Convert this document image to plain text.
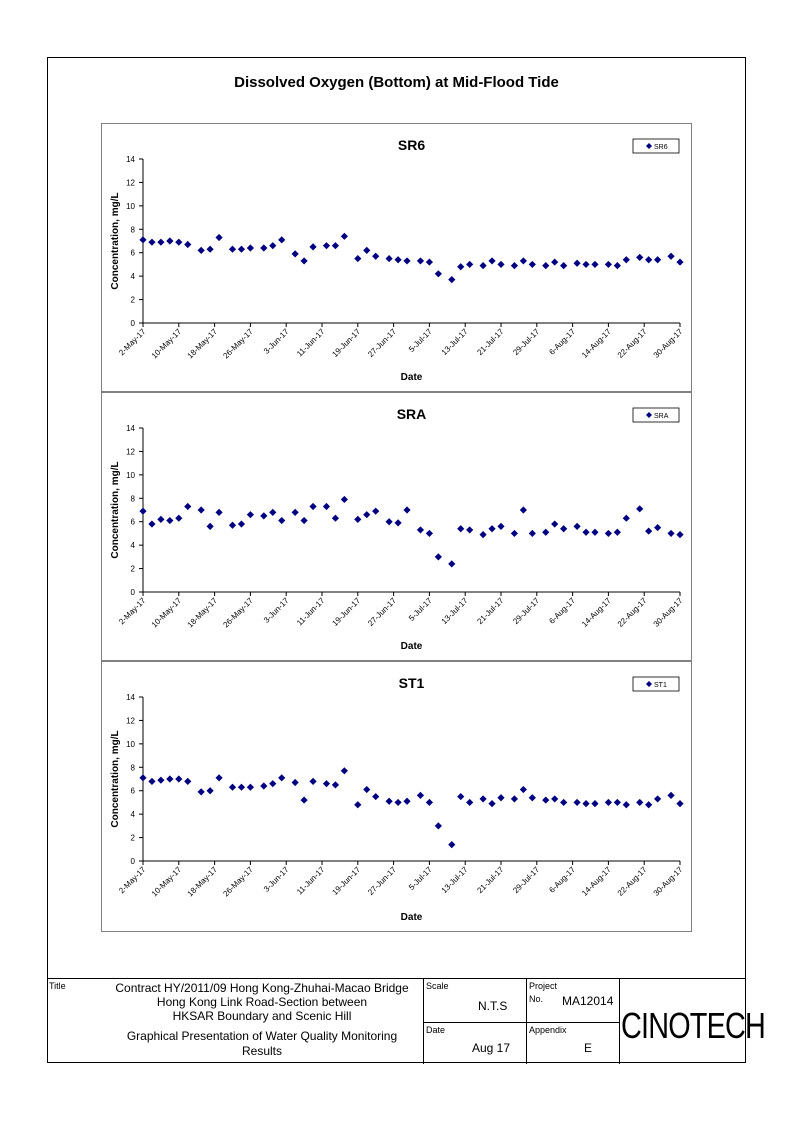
Dissolved Oxygen (Bottom) at Mid-Flood Tide
SR6
0
2
4
6
8
10
12
14
2-May-17 10-May-17 18-May-17 26-May-17 3-Jun-17 11-Jun-17 19-Jun-17 27-Jun-17 5-Jul-17 13-Jul-17 21-Jul-17 29-Jul-17 6-Aug-17 14-Aug-17 22-Aug-17 30-Aug-17
Date
Concentration, mg/L
SR6
SRA
0
2
4
6
8
10
12
14
2-May-17 10-May-17 18-May-17 26-May-17 3-Jun-17 11-Jun-17 19-Jun-17 27-Jun-17 5-Jul-17 13-Jul-17 21-Jul-17 29-Jul-17 6-Aug-17 14-Aug-17 22-Aug-17 30-Aug-17
Date
Concentration, mg/L
SRA
ST1
0
2
4
6
8
10
12
14
2-May-17 10-May-17 18-May-17 26-May-17 3-Jun-17 11-Jun-17 19-Jun-17 27-Jun-17 5-Jul-17 13-Jul-17 21-Jul-17 29-Jul-17 6-Aug-17 14-Aug-17 22-Aug-17 30-Aug-17
Date
Concentration, mg/L
ST1
Title	Contract HY/2011/09 Hong Kong-Zhuhai-Macao Bridge
Hong Kong Link Road-Section between
HKSAR Boundary and Scenic Hill
Graphical Presentation of Water Quality Monitoring
Results
Scale
N.T.S
Date
Aug 17
Project
No. MA12014
Appendix
E
CINOTECH
